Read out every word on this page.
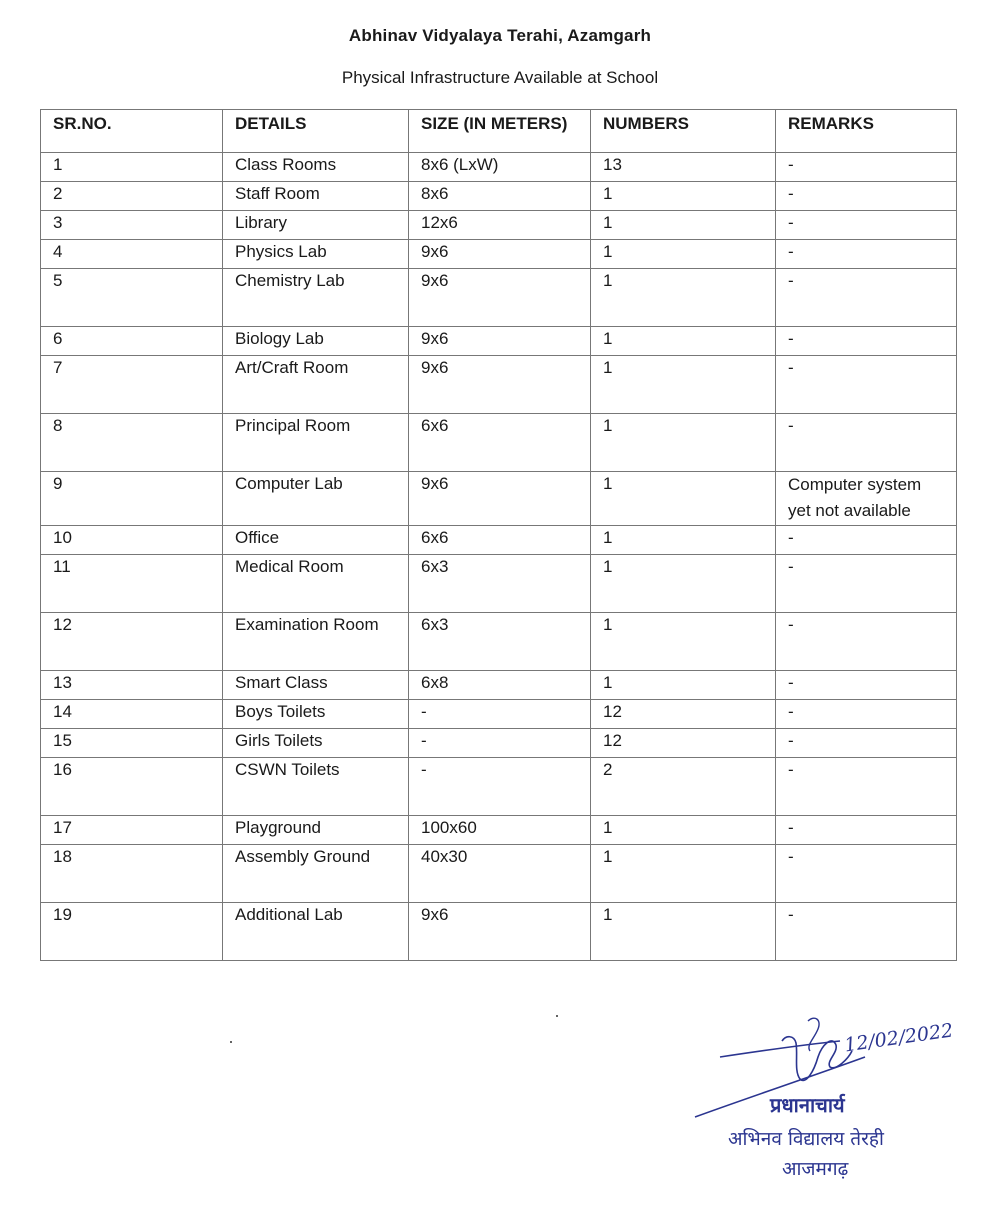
Abhinav Vidyalaya Terahi, Azamgarh
Physical Infrastructure Available at School
SR.NO.	DETAILS	SIZE (IN METERS)	NUMBERS	REMARKS
1	Class Rooms	8x6 (LxW)	13	-
2	Staff Room	8x6	1	-
3	Library	12x6	1	-
4	Physics Lab	9x6	1	-
5	Chemistry Lab	9x6	1	-
6	Biology Lab	9x6	1	-
7	Art/Craft Room	9x6	1	-
8	Principal Room	6x6	1	-
9	Computer Lab	9x6	1	Computer system yet not available
10	Office	6x6	1	-
11	Medical Room	6x3	1	-
12	Examination Room	6x3	1	-
13	Smart Class	6x8	1	-
14	Boys Toilets	-	12	-
15	Girls Toilets	-	12	-
16	CSWN Toilets	-	2	-
17	Playground	100x60	1	-
18	Assembly Ground	40x30	1	-
19	Additional Lab	9x6	1	-
12/02/2022
प्रधानाचार्य
अभिनव विद्यालय तेरही
आजमगढ़
